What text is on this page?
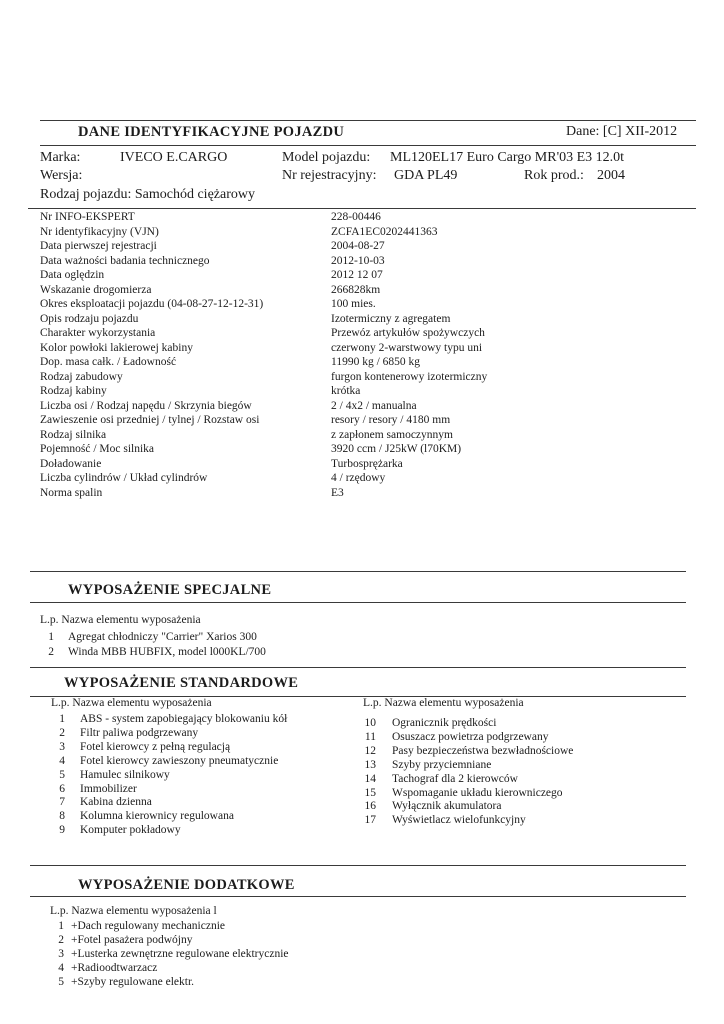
DANE IDENTYFIKACYJNE POJAZDU	Dane: [C] XII-2012
Marka:	IVECO E.CARGO	Model pojazdu: ML120EL17 Euro Cargo MR'03 E3 12.0t
Wersja:	Nr rejestracyjny: GDA PL49	Rok prod.: 2004
Rodzaj pojazdu: Samochód ciężarowy
Nr INFO-EKSPERT	228-00446
Nr identyfikacyjny (VJN)	ZCFA1EC0202441363
Data pierwszej rejestracji	2004-08-27
Data ważności badania technicznego	2012-10-03
Data oględzin	2012 12 07
Wskazanie drogomierza	266828km
Okres eksploatacji pojazdu (04-08-27-12-12-31)	100 mies.
Opis rodzaju pojazdu	Izotermiczny z agregatem
Charakter wykorzystania	Przewóz artykułów spożywczych
Kolor powłoki lakierowej kabiny	czerwony 2-warstwowy typu uni
Dop. masa całk. / Ładowność	11990 kg / 6850 kg
Rodzaj zabudowy	furgon kontenerowy izotermiczny
Rodzaj kabiny	krótka
Liczba osi / Rodzaj napędu / Skrzynia biegów	2 / 4x2 / manualna
Zawieszenie osi przedniej / tylnej / Rozstaw osi	resory / resory / 4180 mm
Rodzaj silnika	z zapłonem samoczynnym
Pojemność / Moc silnika	3920 ccm / J25kW (l70KM)
Doładowanie	Turbosprężarka
Liczba cylindrów / Układ cylindrów	4 / rzędowy
Norma spalin	E3
WYPOSAŻENIE SPECJALNE
L.p. Nazwa elementu wyposażenia
1 Agregat chłodniczy "Carrier" Xarios 300
2 Winda MBB HUBFIX, model l000KL/700
WYPOSAŻENIE STANDARDOWE
L.p. Nazwa elementu wyposażenia	L.p. Nazwa elementu wyposażenia
1 ABS - system zapobiegający blokowaniu kół
2 Filtr paliwa podgrzewany
3 Fotel kierowcy z pełną regulacją
4 Fotel kierowcy zawieszony pneumatycznie
5 Hamulec silnikowy
6 Immobilizer
7 Kabina dzienna
8 Kolumna kierownicy regulowana
9 Komputer pokładowy
10 Ogranicznik prędkości
11 Osuszacz powietrza podgrzewany
12 Pasy bezpieczeństwa bezwładnościowe
13 Szyby przyciemniane
14 Tachograf dla 2 kierowców
15 Wspomaganie układu kierowniczego
16 Wyłącznik akumulatora
17 Wyświetlacz wielofunkcyjny
WYPOSAŻENIE DODATKOWE
L.p. Nazwa elementu wyposażenia l
1 +Dach regulowany mechanicznie
2 +Fotel pasażera podwójny
3 +Lusterka zewnętrzne regulowane elektrycznie
4 +Radioodtwarzacz
5 +Szyby regulowane elektr.
